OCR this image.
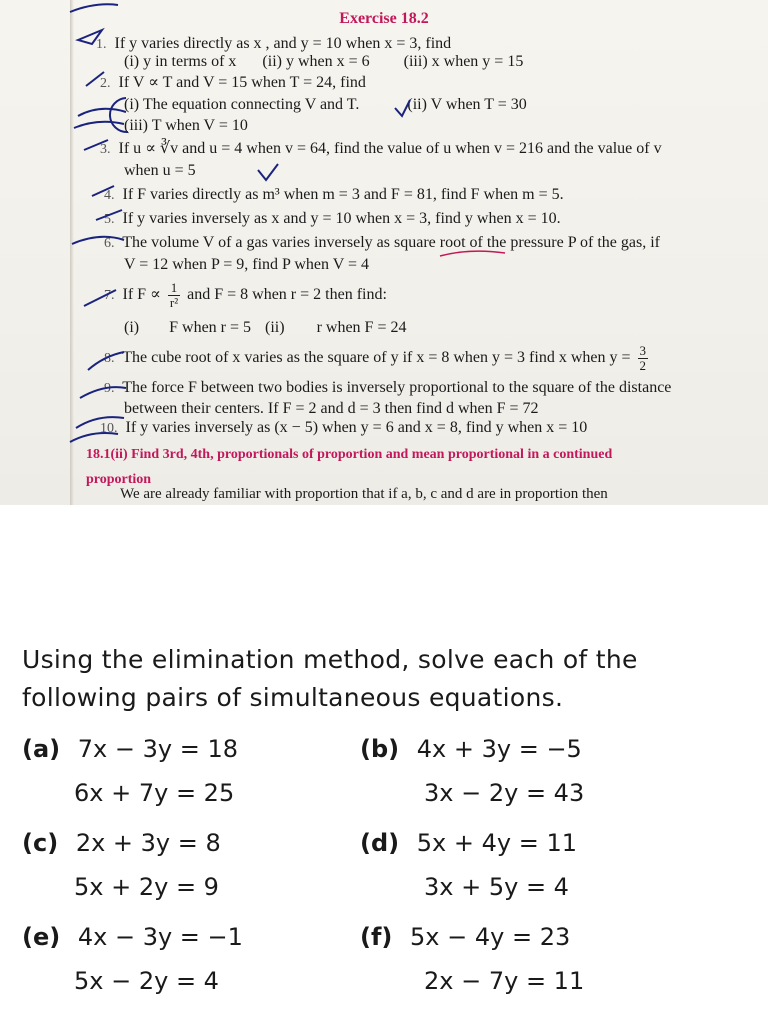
Exercise 18.2
1. If y varies directly as x , and y = 10 when x = 3, find
(i) y in terms of x (ii) y when x = 6 (iii) x when y = 15
2. If V ∝ T and V = 15 when T = 24, find
(i) The equation connecting V and T.	(ii) V when T = 30
(iii) T when V = 10
3. If u ∝ ∛v and u = 4 when v = 64, find the value of u when v = 216 and the value of v
when u = 5
4. If F varies directly as m³ when m = 3 and F = 81, find F when m = 5.
5. If y varies inversely as x and y = 10 when x = 3, find y when x = 10.
6. The volume V of a gas varies inversely as square root of the pressure P of the gas, if
V = 12 when P = 9, find P when V = 4
7. If $F \propto \frac{1}{\text{r²}}$ and F = 8 when r = 2 then find:
(i) F when r = 5 (ii) r when F = 24
8. The cube root of x varies as the square of y if x = 8 when y = 3 find x when $y = \frac{3}{2}$
9. The force F between two bodies is inversely proportional to the square of the distance
between their centers. If F = 2 and d = 3 then find d when F = 72
10. If y varies inversely as (x − 5) when y = 6 and x = 8, find y when x = 10
18.1(ii) Find 3rd, 4th, proportionals of proportion and mean proportional in a continued
proportion
We are already familiar with proportion that if a, b, c and d are in proportion then
Using the elimination method, solve each of the
following pairs of simultaneous equations.
(a) 7x − 3y = 18
6x + 7y = 25
(b) 4x + 3y = −5
3x − 2y = 43
(c) 2x + 3y = 8
5x + 2y = 9
(d) 5x + 4y = 11
3x + 5y = 4
(e) 4x − 3y = −1
5x − 2y = 4
(f) 5x − 4y = 23
2x − 7y = 11
